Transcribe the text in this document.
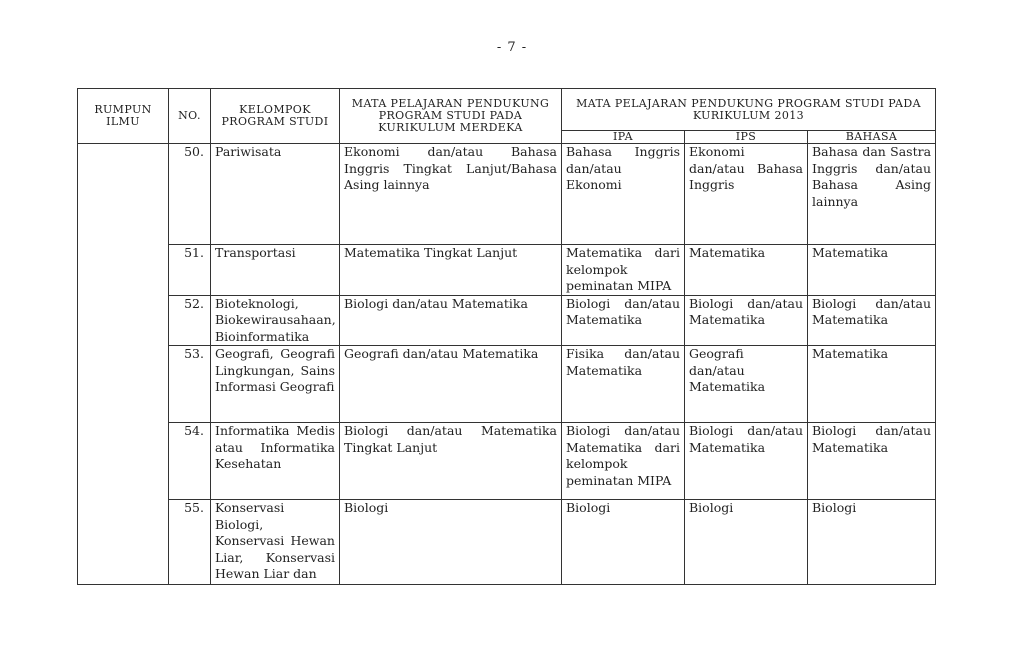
- 7 -
RUMPUN ILMU	NO.	KELOMPOK PROGRAM STUDI	MATA PELAJARAN PENDUKUNG PROGRAM STUDI PADA KURIKULUM MERDEKA	MATA PELAJARAN PENDUKUNG PROGRAM STUDI PADA KURIKULUM 2013		
				IPA	IPS	BAHASA
	50.	Pariwisata	Ekonomi dan/atau Bahasa Inggris Tingkat Lanjut/Bahasa Asing lainnya	Bahasa Inggris dan/atau Ekonomi	Ekonomi dan/atau Bahasa Inggris	Bahasa dan Sastra Inggris dan/atau Bahasa Asing lainnya
	51.	Transportasi	Matematika Tingkat Lanjut	Matematika dari kelompok peminatan MIPA	Matematika	Matematika
	52.	Bioteknologi, Biokewirausahaan, Bioinformatika	Biologi dan/atau Matematika	Biologi dan/atau Matematika	Biologi dan/atau Matematika	Biologi dan/atau Matematika
	53.	Geografi, Geografi Lingkungan, Sains Informasi Geografi	Geografi dan/atau Matematika	Fisika dan/atau Matematika	Geografi dan/atau Matematika	Matematika
	54.	Informatika Medis atau Informatika Kesehatan	Biologi dan/atau Matematika Tingkat Lanjut	Biologi dan/atau Matematika dari kelompok peminatan MIPA	Biologi dan/atau Matematika	Biologi dan/atau Matematika
	55.	Konservasi Biologi, Konservasi Hewan Liar, Konservasi Hewan Liar dan	Biologi	Biologi	Biologi	Biologi
